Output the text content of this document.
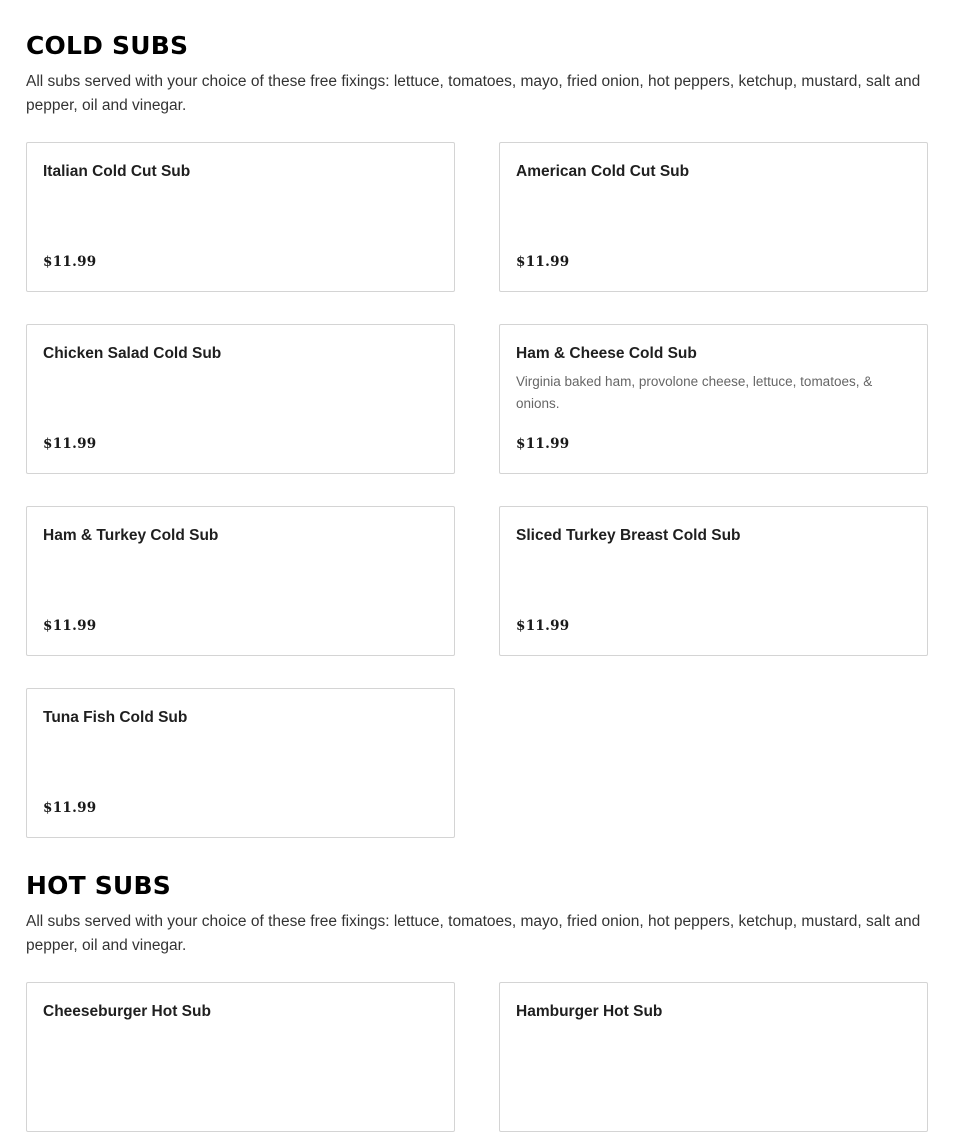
COLD SUBS

All subs served with your choice of these free fixings: lettuce, tomatoes, mayo, fried onion, hot peppers, ketchup, mustard, salt and pepper, oil and vinegar.

Italian Cold Cut Sub
$11.99
American Cold Cut Sub
$11.99
Chicken Salad Cold Sub
$11.99
Ham & Cheese Cold Sub
Virginia baked ham, provolone cheese, lettuce, tomatoes, & onions.
$11.99
Ham & Turkey Cold Sub
$11.99
Sliced Turkey Breast Cold Sub
$11.99
Tuna Fish Cold Sub
$11.99
HOT SUBS

All subs served with your choice of these free fixings: lettuce, tomatoes, mayo, fried onion, hot peppers, ketchup, mustard, salt and pepper, oil and vinegar.

Cheeseburger Hot Sub	Hamburger Hot Sub
